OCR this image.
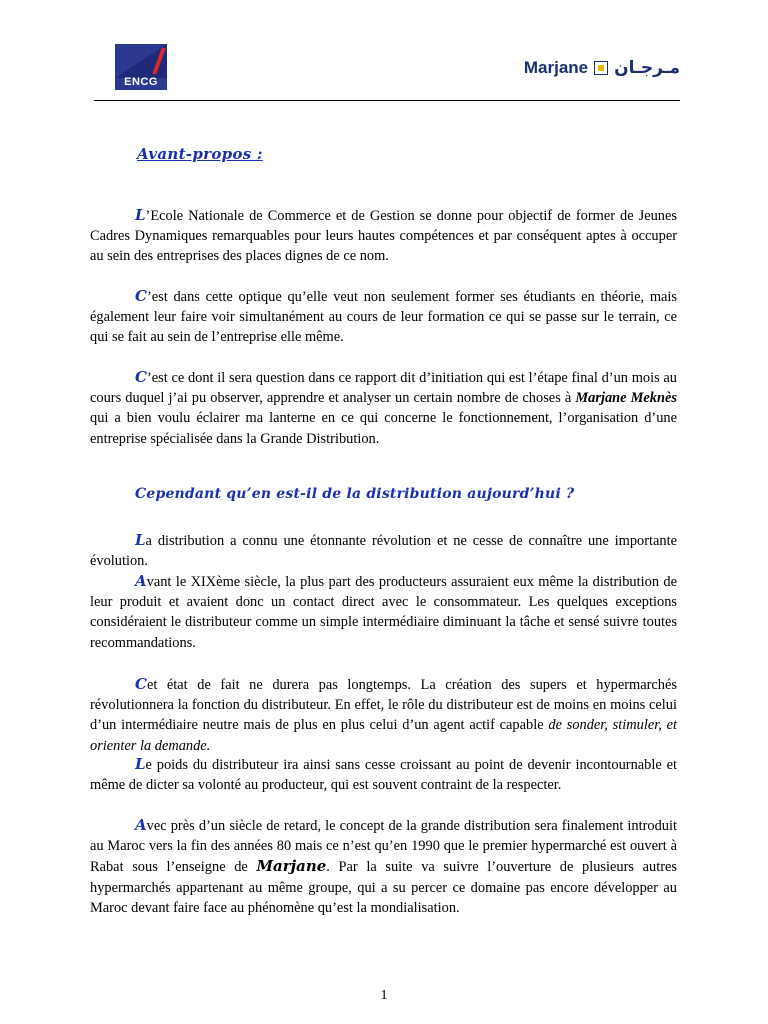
ENCG
Marjane مـرجـان
Avant-propos :

L’Ecole Nationale de Commerce et de Gestion se donne pour objectif de former de Jeunes Cadres Dynamiques remarquables pour leurs hautes compétences et par conséquent aptes à occuper au sein des entreprises des places dignes de ce nom.

C’est dans cette optique qu’elle veut non seulement former ses étudiants en théorie, mais également leur faire voir simultanément au cours de leur formation ce qui se passe sur le terrain, ce qui se fait au sein de l’entreprise elle même.

C’est ce dont il sera question dans ce rapport dit d’initiation qui est l’étape final d’un mois au cours duquel j’ai pu observer, apprendre et analyser un certain nombre de choses à Marjane Meknès qui a bien voulu éclairer ma lanterne en ce qui concerne le fonctionnement, l’organisation d’une entreprise spécialisée dans la Grande Distribution.

Cependant qu’en est-il de la distribution aujourd’hui ?

La distribution a connu une étonnante révolution et ne cesse de connaître une importante évolution.

Avant le XIXème siècle, la plus part des producteurs assuraient eux même la distribution de leur produit et avaient donc un contact direct avec le consommateur. Les quelques exceptions considéraient le distributeur comme un simple intermédiaire diminuant la tâche et sensé suivre toutes recommandations.

Cet état de fait ne durera pas longtemps. La création des supers et hypermarchés révolutionnera la fonction du distributeur. En effet, le rôle du distributeur est de moins en moins celui d’un intermédiaire neutre mais de plus en plus celui d’un agent actif capable de sonder, stimuler, et orienter la demande.

Le poids du distributeur ira ainsi sans cesse croissant au point de devenir incontournable et même de dicter sa volonté au producteur, qui est souvent contraint de la respecter.

Avec près d’un siècle de retard, le concept de la grande distribution sera finalement introduit au Maroc vers la fin des années 80 mais ce n’est qu’en 1990 que le premier hypermarché est ouvert à Rabat sous l’enseigne de Marjane. Par la suite va suivre l’ouverture de plusieurs autres hypermarchés appartenant au même groupe, qui a su percer ce domaine pas encore développer au Maroc devant faire face au phénomène qu’est la mondialisation.

1
